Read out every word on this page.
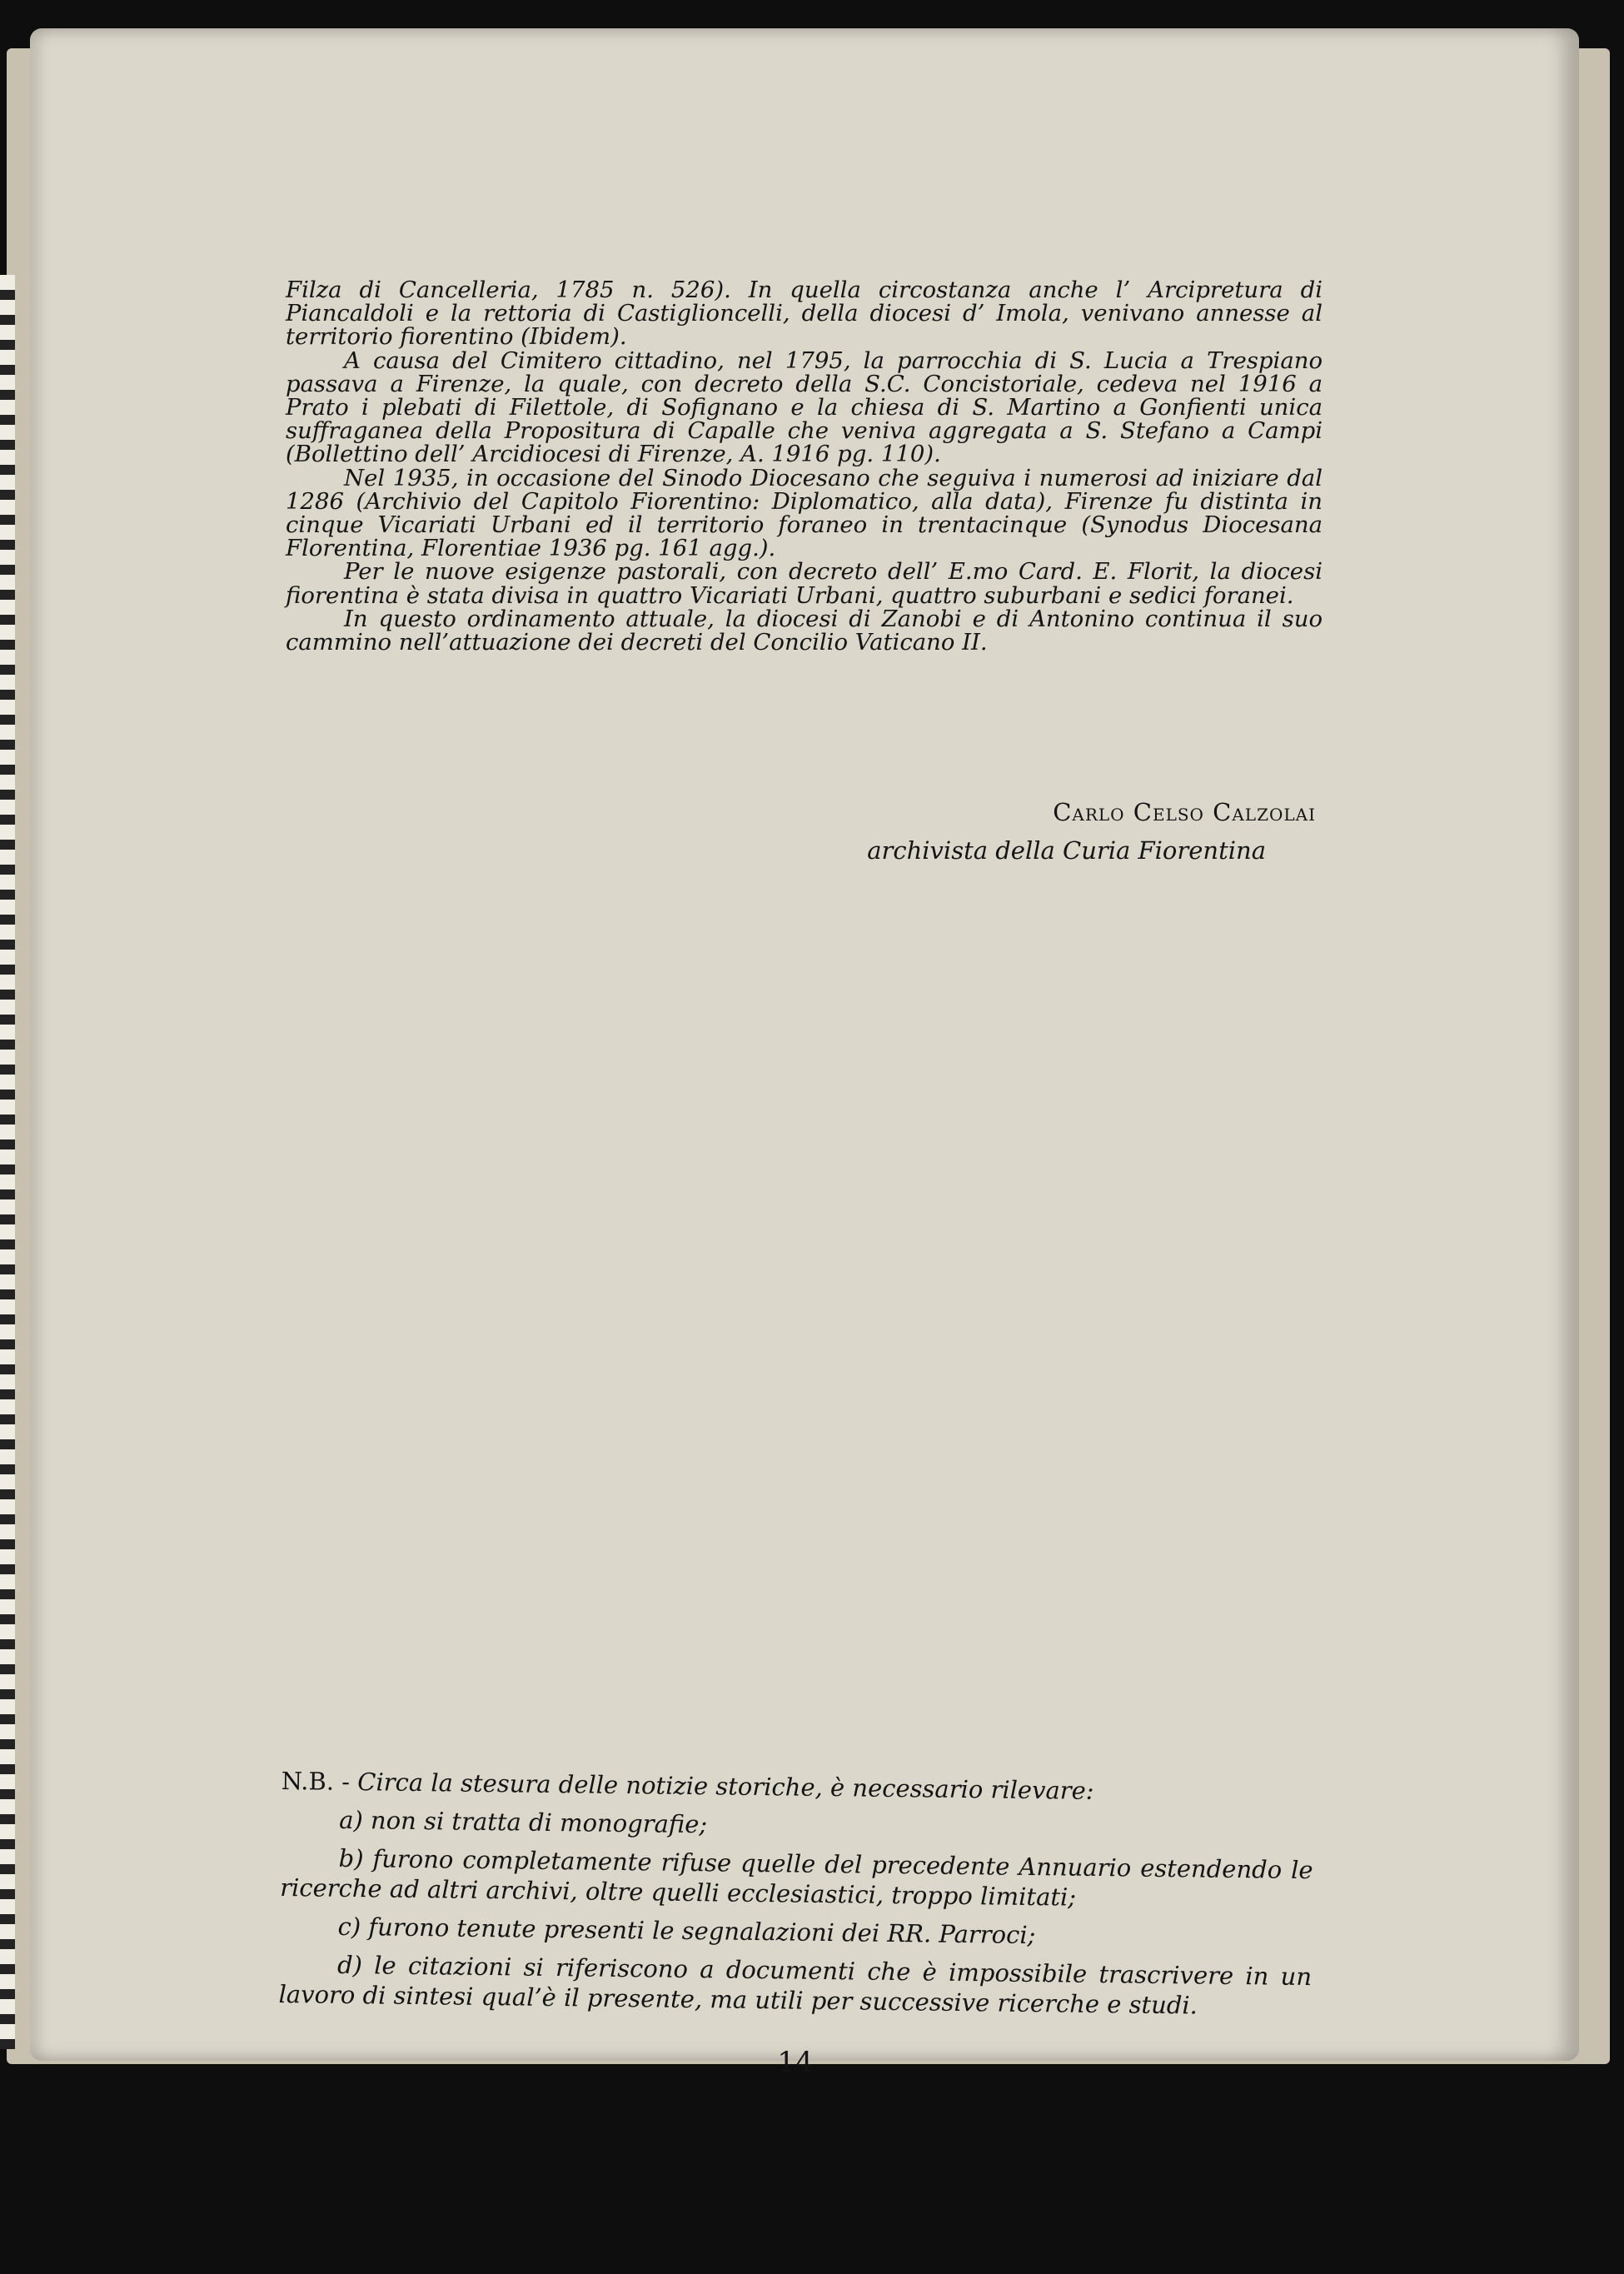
Filza di Cancelleria, 1785 n. 526). In quella circostanza anche l’ Arcipretura di Piancaldoli e la rettoria di Castiglioncelli, della diocesi d’ Imola, venivano annesse al territorio fiorentino (Ibidem).

A causa del Cimitero cittadino, nel 1795, la parrocchia di S. Lucia a Trespiano passava a Firenze, la quale, con decreto della S.C. Concistoriale, cedeva nel 1916 a Prato i plebati di Filettole, di Sofignano e la chiesa di S. Martino a Gonfienti unica suffraganea della Propositura di Capalle che veniva aggregata a S. Stefano a Campi (Bollettino dell’ Arcidiocesi di Firenze, A. 1916 pg. 110).

Nel 1935, in occasione del Sinodo Diocesano che seguiva i numerosi ad iniziare dal 1286 (Archivio del Capitolo Fiorentino: Diplomatico, alla data), Firenze fu distinta in cinque Vicariati Urbani ed il territorio foraneo in trentacinque (Synodus Diocesana Florentina, Florentiae 1936 pg. 161 agg.).

Per le nuove esigenze pastorali, con decreto dell’ E.mo Card. E. Florit, la diocesi fiorentina è stata divisa in quattro Vicariati Urbani, quattro suburbani e sedici foranei.

In questo ordinamento attuale, la diocesi di Zanobi e di Antonino continua il suo cammino nell’attuazione dei decreti del Concilio Vaticano II.

Carlo Celso Calzolai
archivista della Curia Fiorentina

N.B. - Circa la stesura delle notizie storiche, è necessario rilevare:

a) non si tratta di monografie;

b) furono completamente rifuse quelle del precedente Annuario estendendo le ricerche ad altri archivi, oltre quelli ecclesiastici, troppo limitati;

c) furono tenute presenti le segnalazioni dei RR. Parroci;

d) le citazioni si riferiscono a documenti che è impossibile trascrivere in un lavoro di sintesi qual’è il presente, ma utili per successive ricerche e studi.

14
